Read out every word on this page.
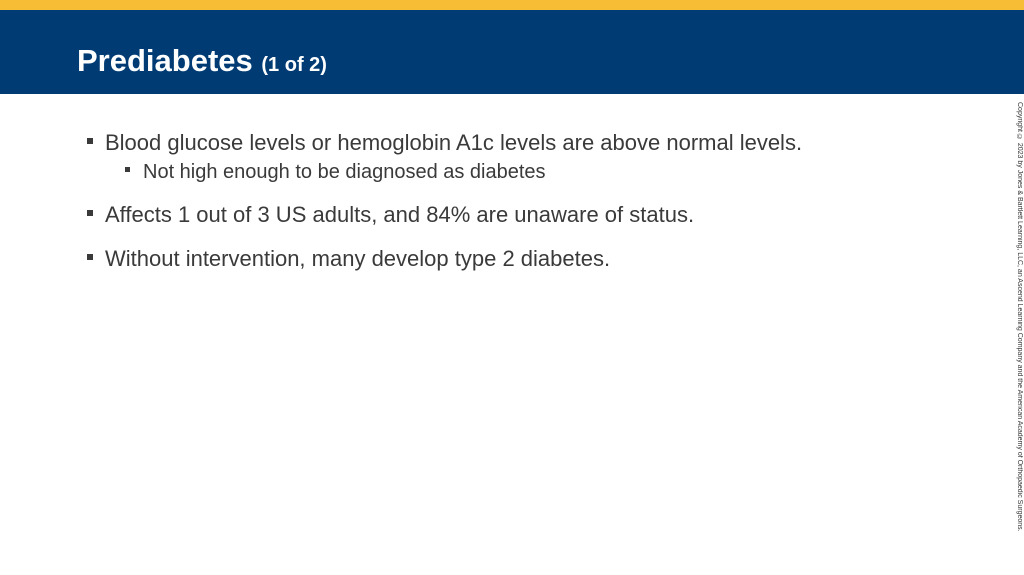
Prediabetes (1 of 2)
Blood glucose levels or hemoglobin A1c levels are above normal levels.
Not high enough to be diagnosed as diabetes
Affects 1 out of 3 US adults, and 84% are unaware of status.
Without intervention, many develop type 2 diabetes.	Copyright © 2023 by Jones & Bartlett Learning, LLC, an Ascend Learning Company and the American Academy of Orthopaedic Surgeons.
